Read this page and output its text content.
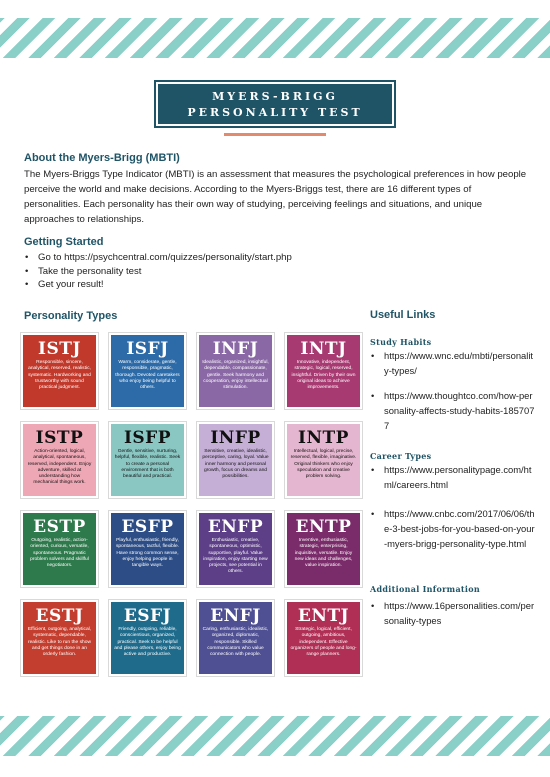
MYERS-BRIGG
PERSONALITY TEST
About the Myers-Brigg (MBTI)

The Myers-Briggs Type Indicator (MBTI) is an assessment that measures the psychological preferences in how people perceive the world and make decisions. According to the Myers-Briggs test, there are 16 different types of personalities. Each personality has their own way of studying, perceiving feelings and situations, and unique approaches to relationships.

Getting Started
• Go to https://psychcentral.com/quizzes/personality/start.php
• Take the personality test
• Get your result!
Personality Types
ISTJ
Responsible, sincere, analytical, reserved, realistic, systematic. Hardworking and trustworthy with sound practical judgment.
ISFJ
Warm, considerate, gentle, responsible, pragmatic, thorough. Devoted caretakers who enjoy being helpful to others.
INFJ
Idealistic, organized, insightful, dependable, compassionate, gentle. Seek harmony and cooperation, enjoy intellectual stimulation.
INTJ
Innovative, independent, strategic, logical, reserved, insightful. Driven by their own original ideas to achieve improvements.
ISTP
Action-oriented, logical, analytical, spontaneous, reserved, independent. Enjoy adventure, skilled at understanding how mechanical things work.
ISFP
Gentle, sensitive, nurturing, helpful, flexible, realistic. Seek to create a personal environment that is both beautiful and practical.
INFP
Sensitive, creative, idealistic, perceptive, caring, loyal. Value inner harmony and personal growth, focus on dreams and possibilities.
INTP
Intellectual, logical, precise, reserved, flexible, imaginative. Original thinkers who enjoy speculation and creative problem solving.
ESTP
Outgoing, realistic, action-oriented, curious, versatile, spontaneous. Pragmatic problem solvers and skillful negotiators.
ESFP
Playful, enthusiastic, friendly, spontaneous, tactful, flexible. Have strong common sense, enjoy helping people in tangible ways.
ENFP
Enthusiastic, creative, spontaneous, optimistic, supportive, playful. Value inspiration, enjoy starting new projects, see potential in others.
ENTP
Inventive, enthusiastic, strategic, enterprising, inquisitive, versatile. Enjoy new ideas and challenges, value inspiration.
ESTJ
Efficient, outgoing, analytical, systematic, dependable, realistic. Like to run the show and get things done in an orderly fashion.
ESFJ
Friendly, outgoing, reliable, conscientious, organized, practical. Seek to be helpful and please others, enjoy being active and productive.
ENFJ
Caring, enthusiastic, idealistic, organized, diplomatic, responsible. Skilled communicators who value connection with people.
ENTJ
Strategic, logical, efficient, outgoing, ambitious, independent. Effective organizers of people and long-range planners.
Useful Links
Study Habits
• https://www.wnc.edu/mbti/personality-types/
• https://www.thoughtco.com/how-personality-affects-study-habits-1857077
Career Types
• https://www.personalitypage.com/html/careers.html
• https://www.cnbc.com/2017/06/06/the-3-best-jobs-for-you-based-on-your-myers-brigg-personality-type.html
Additional Information
• https://www.16personalities.com/personality-types
